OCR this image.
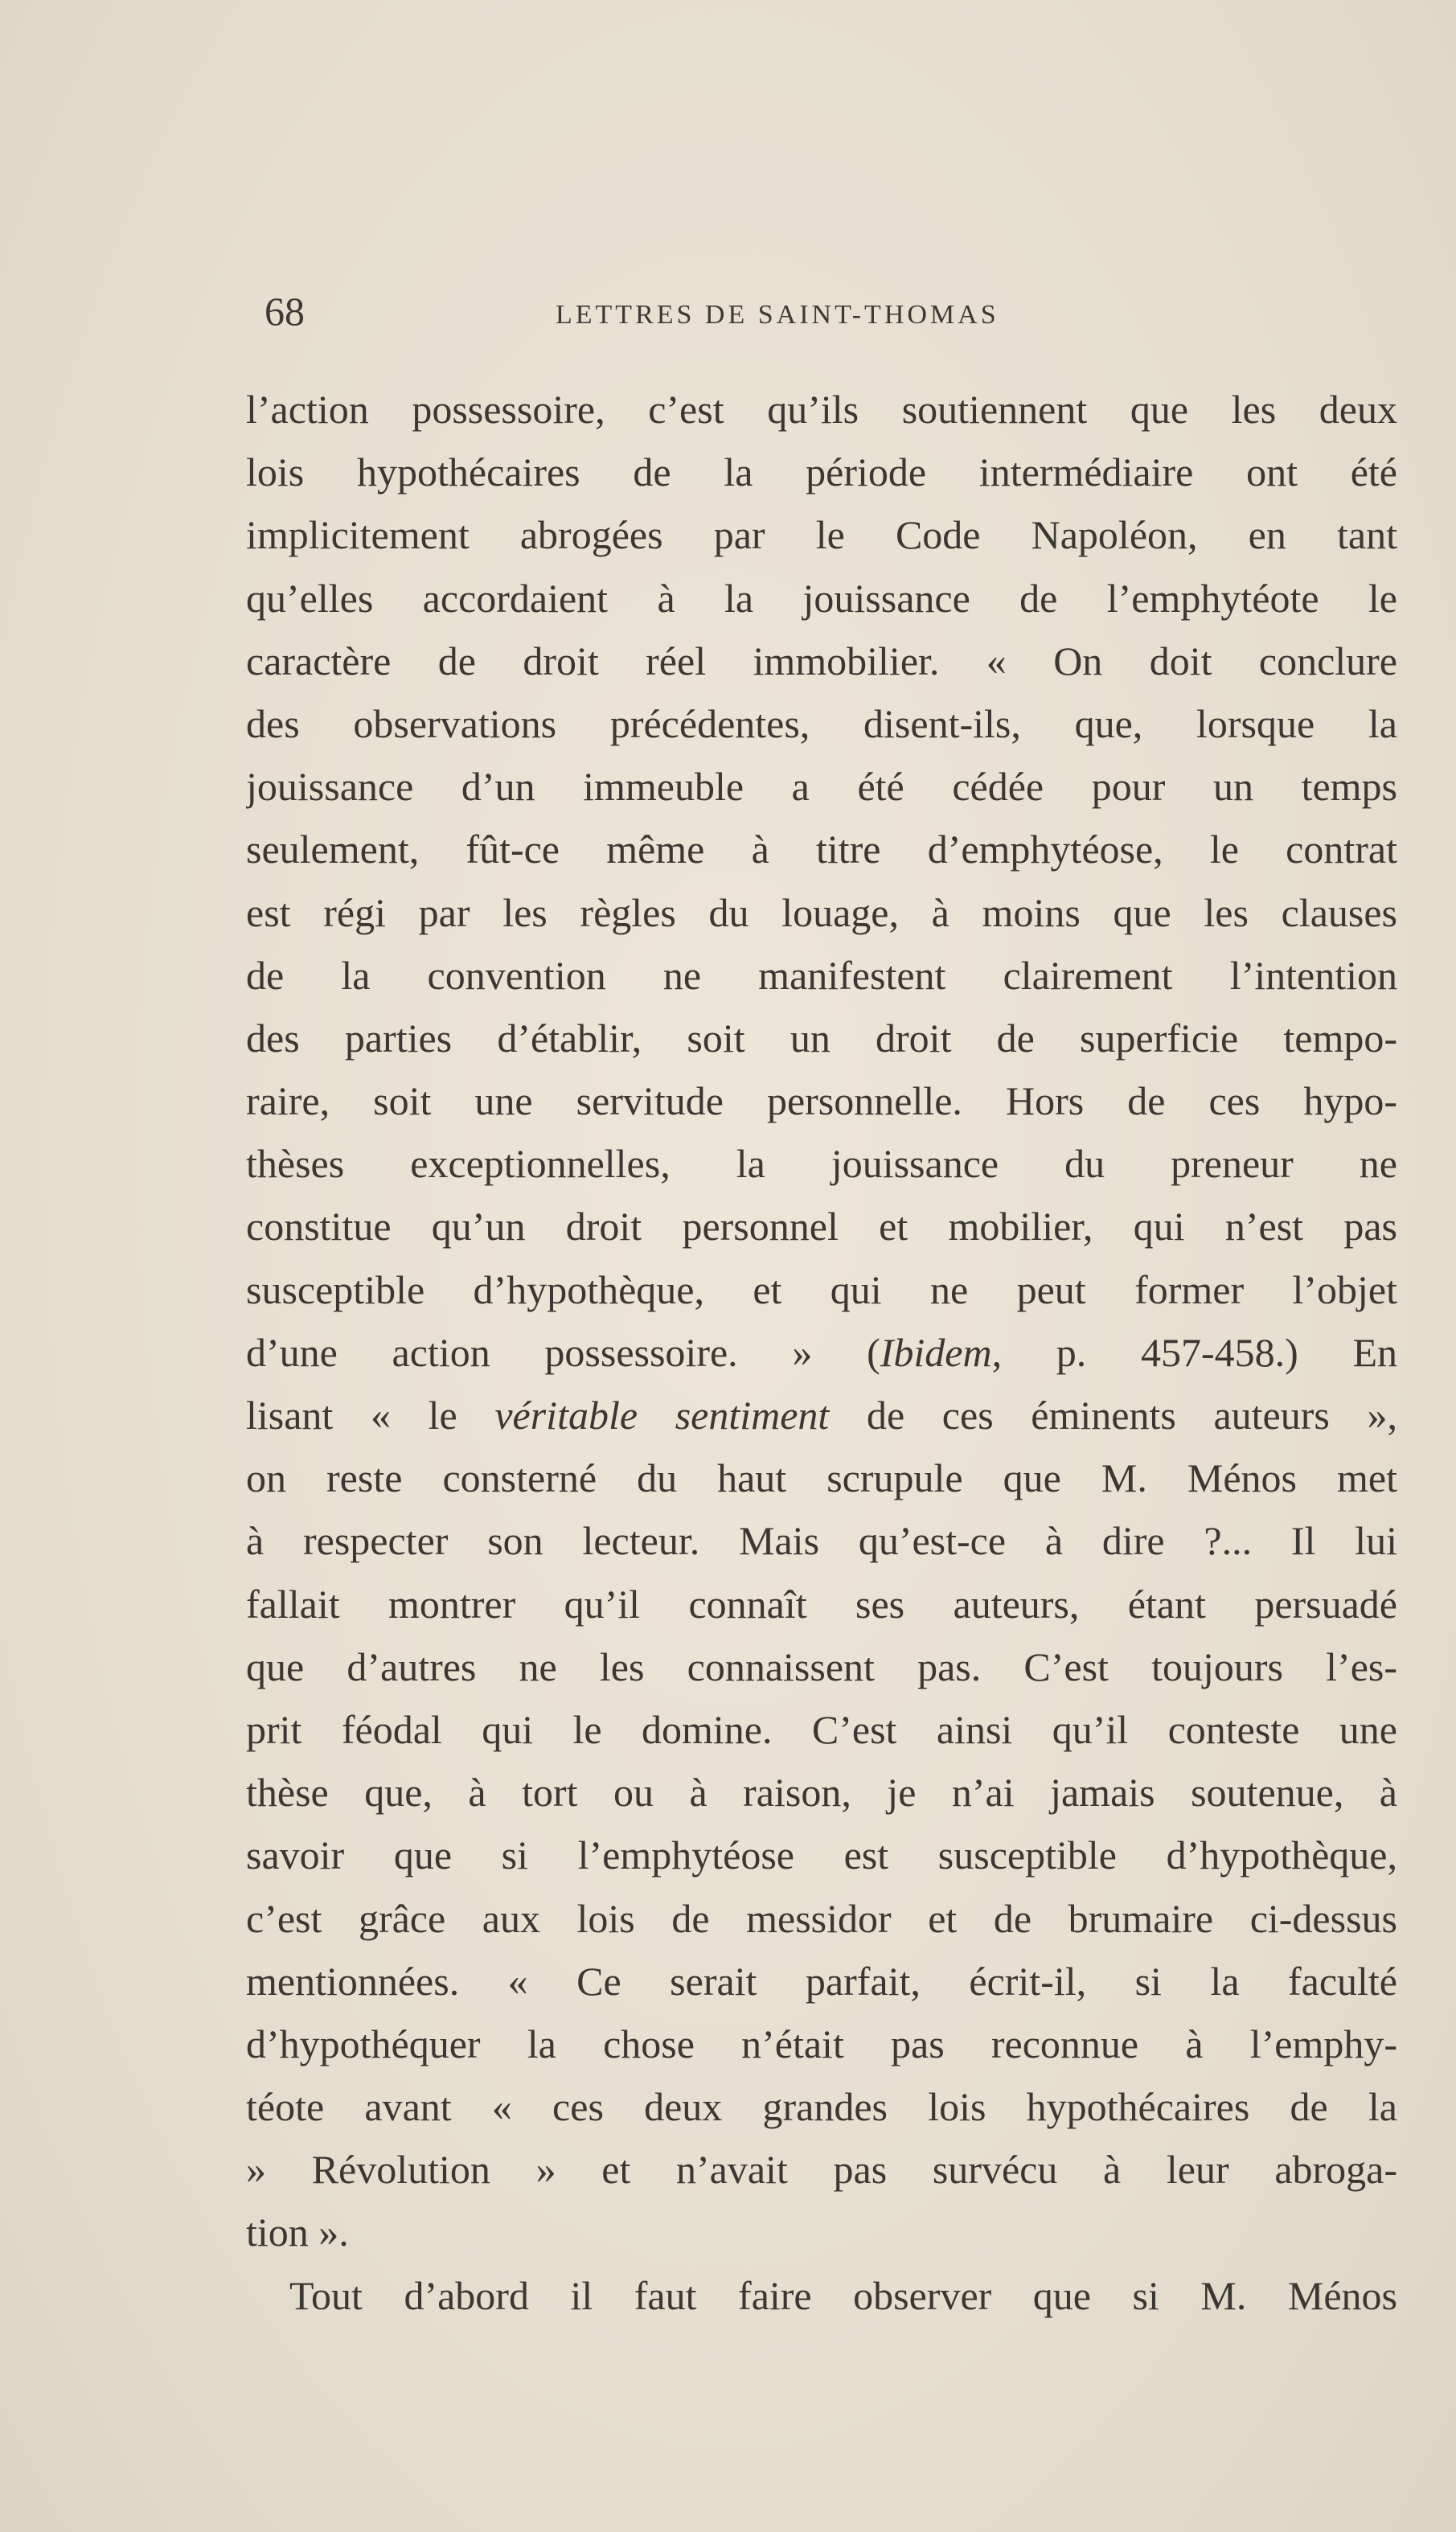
68	LETTRES DE SAINT-THOMAS
l’action possessoire, c’est qu’ils soutiennent que les deux
lois hypothécaires de la période intermédiaire ont été
implicitement abrogées par le Code Napoléon, en tant
qu’elles accordaient à la jouissance de l’emphytéote le
caractère de droit réel immobilier. « On doit conclure
des observations précédentes, disent-ils, que, lorsque la
jouissance d’un immeuble a été cédée pour un temps
seulement, fût-ce même à titre d’emphytéose, le contrat
est régi par les règles du louage, à moins que les clauses
de la convention ne manifestent clairement l’intention
des parties d’établir, soit un droit de superficie tempo-
raire, soit une servitude personnelle. Hors de ces hypo-
thèses exceptionnelles, la jouissance du preneur ne
constitue qu’un droit personnel et mobilier, qui n’est pas
susceptible d’hypothèque, et qui ne peut former l’objet
d’une action possessoire. » (Ibidem, p. 457-458.) En
lisant « le véritable sentiment de ces éminents auteurs »,
on reste consterné du haut scrupule que M. Ménos met
à respecter son lecteur. Mais qu’est-ce à dire ?... Il lui
fallait montrer qu’il connaît ses auteurs, étant persuadé
que d’autres ne les connaissent pas. C’est toujours l’es-
prit féodal qui le domine. C’est ainsi qu’il conteste une
thèse que, à tort ou à raison, je n’ai jamais soutenue, à
savoir que si l’emphytéose est susceptible d’hypothèque,
c’est grâce aux lois de messidor et de brumaire ci-dessus
mentionnées. « Ce serait parfait, écrit-il, si la faculté
d’hypothéquer la chose n’était pas reconnue à l’emphy-
téote avant « ces deux grandes lois hypothécaires de la
» Révolution » et n’avait pas survécu à leur abroga-
tion ».
Tout d’abord il faut faire observer que si M. Ménos
